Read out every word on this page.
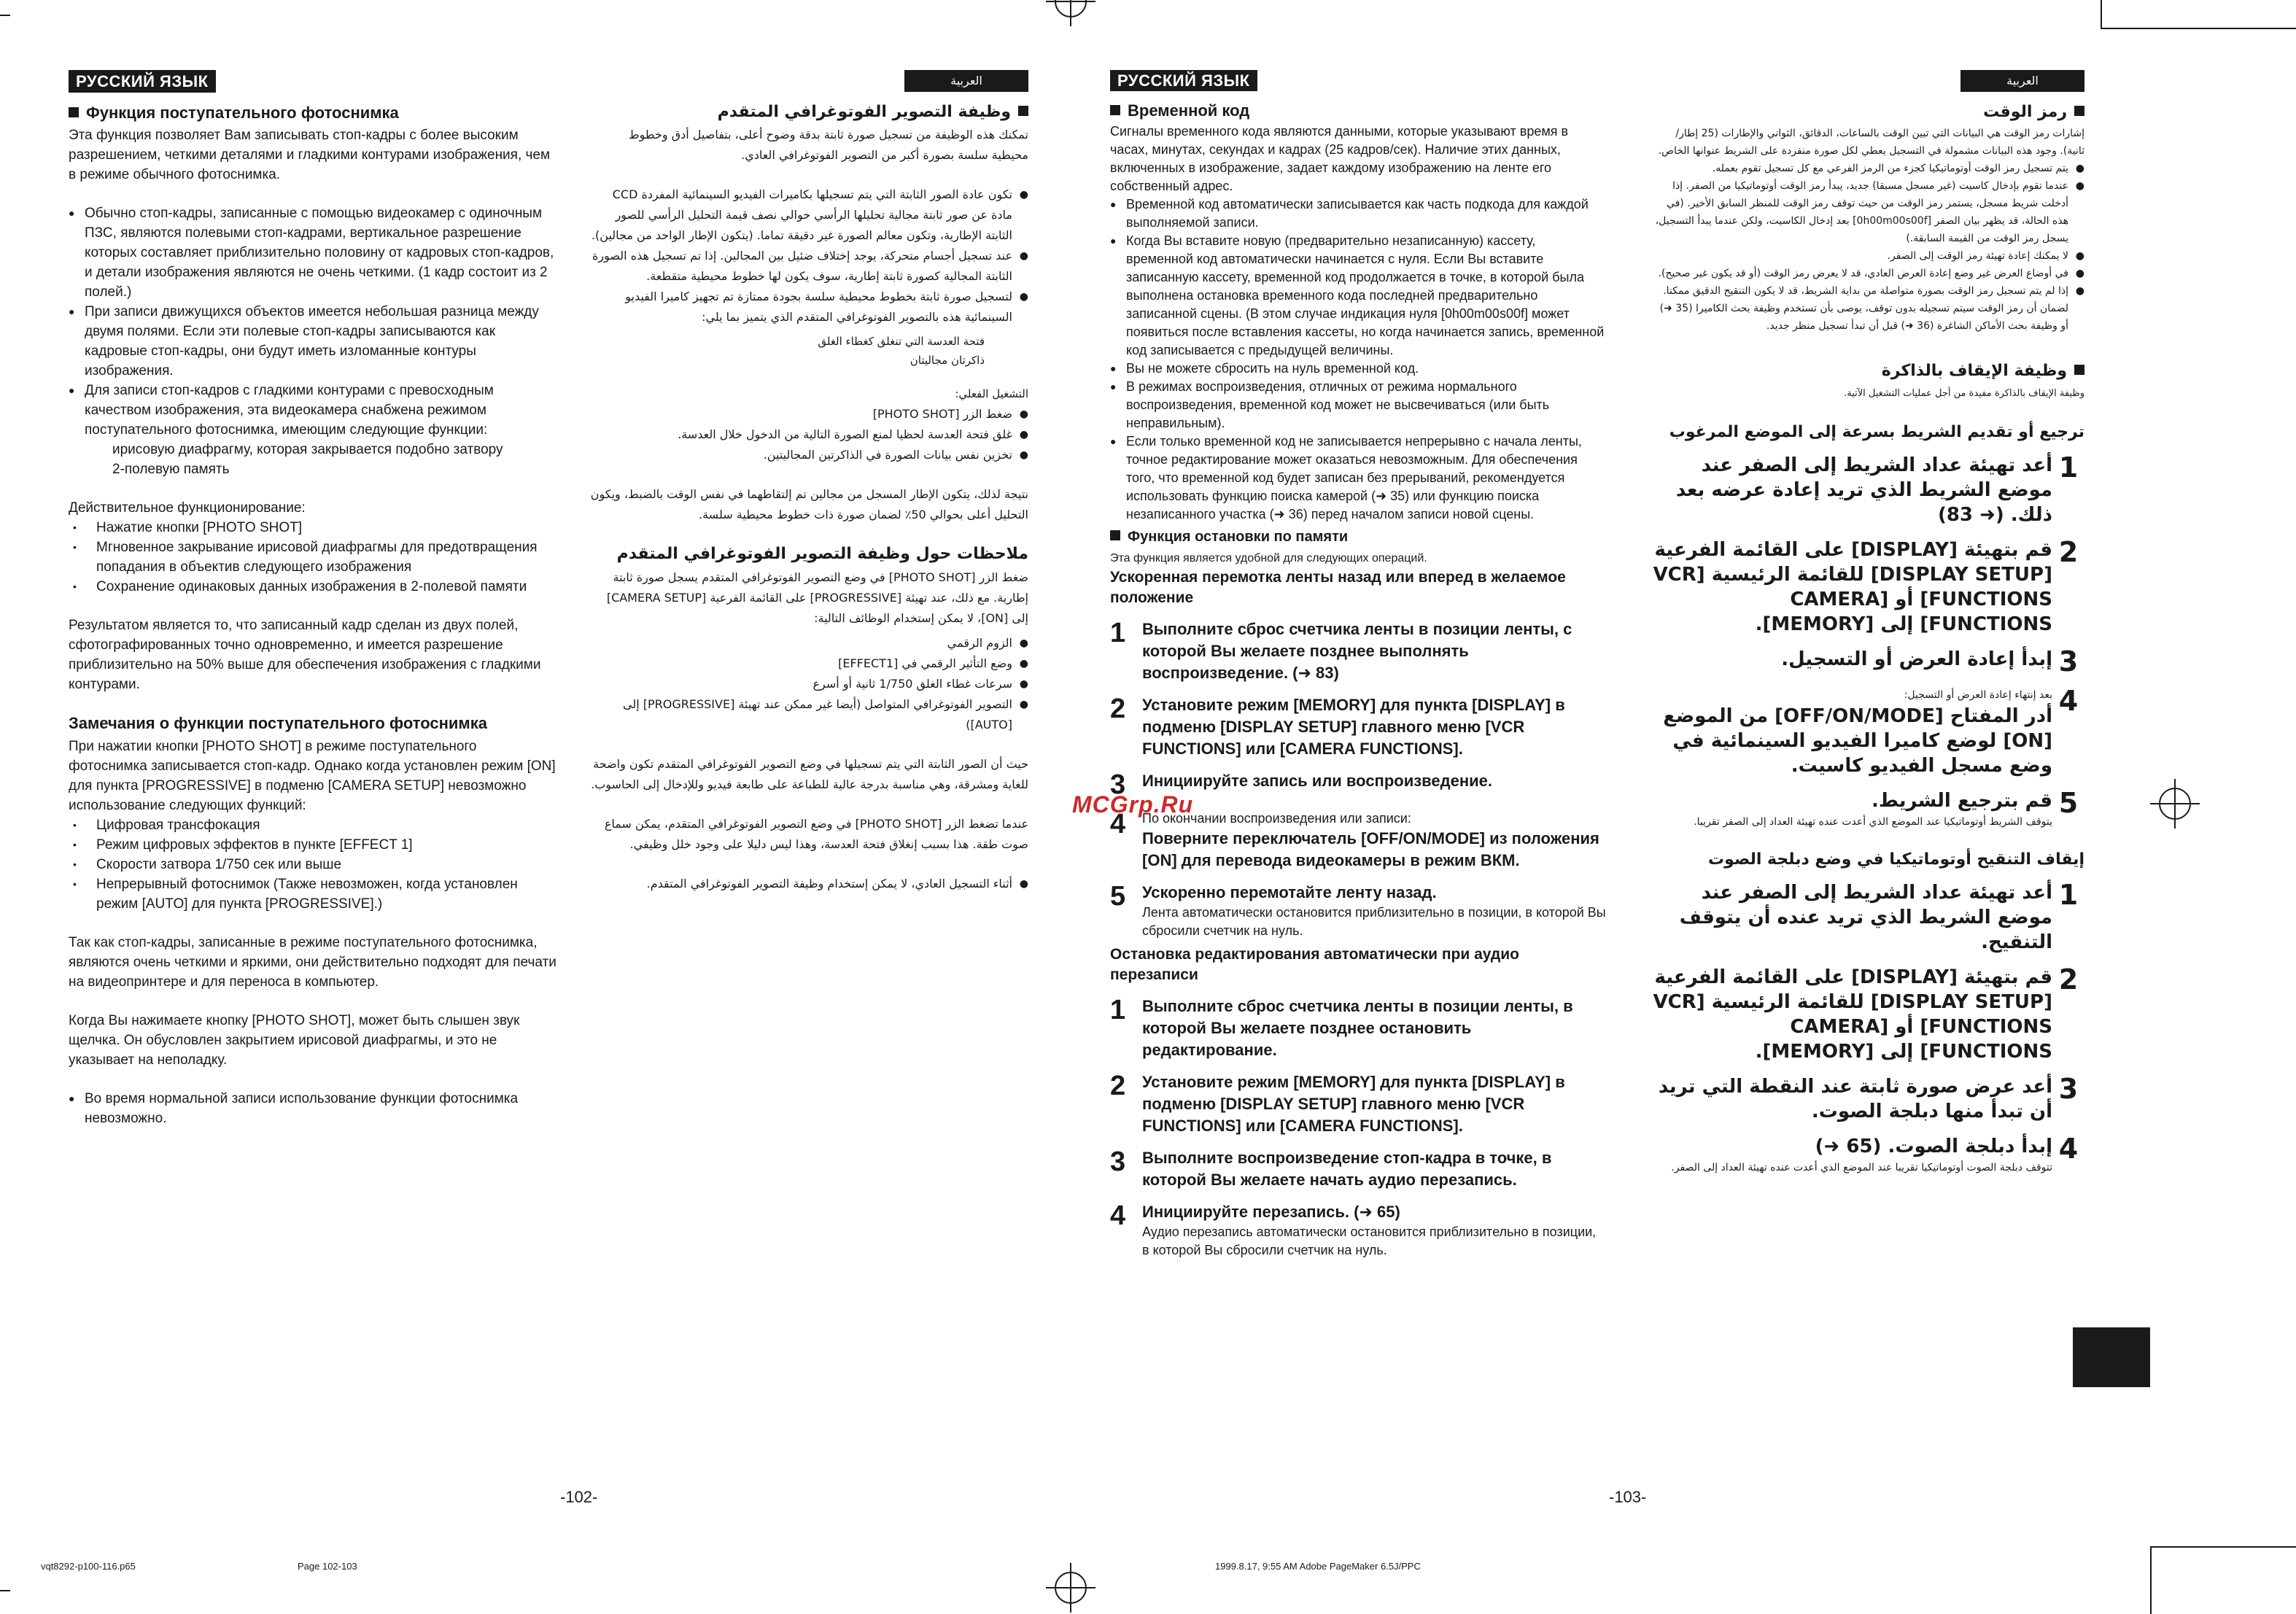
РУССКИЙ ЯЗЫК
Функция поступательного фотоснимка

Эта функция позволяет Вам записывать стоп-кадры с более высоким разрешением, четкими деталями и гладкими контурами изображения, чем в режиме обычного фотоснимка.

● Обычно стоп-кадры, записанные с помощью видеокамер с одиночным ПЗС, являются полевыми стоп-кадрами, вертикальное разрешение которых составляет приблизительно половину от кадровых стоп-кадров, и детали изображения являются не очень четкими. (1 кадр состоит из 2 полей.)
● При записи движущихся объектов имеется небольшая разница между двумя полями. Если эти полевые стоп-кадры записываются как кадровые стоп-кадры, они будут иметь изломанные контуры изображения.
● Для записи стоп-кадров с гладкими контурами с превосходным качеством изображения, эта видеокамера снабжена режимом поступательного фотоснимка, имеющим следующие функции:
ирисовую диафрагму, которая закрывается подобно затвору
2-полевую память
Действительное функционирование:
• Нажатие кнопки [PHOTO SHOT]
• Мгновенное закрывание ирисовой диафрагмы для предотвращения попадания в объектив следующего изображения
• Сохранение одинаковых данных изображения в 2-полевой памяти

Результатом является то, что записанный кадр сделан из двух полей, сфотографированных точно одновременно, и имеется разрешение приблизительно на 50% выше для обеспечения изображения с гладкими контурами.

Замечания о функции поступательного фотоснимка
При нажатии кнопки [PHOTO SHOT] в режиме поступательного фотоснимка записывается стоп-кадр. Однако когда установлен режим [ON] для пункта [PROGRESSIVE] в подменю [CAMERA SETUP] невозможно использование следующих функций:
• Цифровая трансфокация
• Режим цифровых эффектов в пункте [EFFECT 1]
• Скорости затвора 1/750 сек или выше
• Непрерывный фотоснимок (Также невозможен, когда установлен режим [AUTO] для пункта [PROGRESSIVE].)

Так как стоп-кадры, записанные в режиме поступательного фотоснимка, являются очень четкими и яркими, они действительно подходят для печати на видеопринтере и для переноса в компьютер.

Когда Вы нажимаете кнопку [PHOTO SHOT], может быть слышен звук щелчка. Он обусловлен закрытием ирисовой диафрагмы, и это не указывает на неполадку.

● Во время нормальной записи использование функции фотоснимка невозможно.
العربية
وظيفة التصوير الفوتوغرافي المتقدم

تمكنك هذه الوظيفة من تسجيل صورة ثابتة بدقة وضوح أعلى، بتفاصيل أدق وخطوط محيطية سلسة بصورة أكبر من التصوير الفوتوغرافي العادي.

● تكون عادة الصور الثابتة التي يتم تسجيلها بكاميرات الفيديو السينمائية المفردة CCD مادة عن صور ثابتة مجالية تحليلها الرأسي حوالي نصف قيمة التحليل الرأسي للصور الثابتة الإطارية، وتكون معالم الصورة غير دقيقة تماما. (يتكون الإطار الواحد من مجالين).
● عند تسجيل أجسام متحركة، يوجد إختلاف ضئيل بين المجالين. إذا تم تسجيل هذه الصورة الثابتة المجالية كصورة ثابتة إطارية، سوف يكون لها خطوط محيطية متقطعة.
● لتسجيل صورة ثابتة بخطوط محيطية سلسة بجودة ممتازة تم تجهيز كاميرا الفيديو السينمائية هذه بالتصوير الفوتوغرافي المتقدم الذي يتميز بما يلي:
فتحة العدسة التي تنغلق كغطاء الغلق
ذاكرتان مجاليتان
التشغيل الفعلي:
● ضغط الزر [PHOTO SHOT]
● غلق فتحة العدسة لحظيا لمنع الصورة التالية من الدخول خلال العدسة.
● تخزين نفس بيانات الصورة في الذاكرتين المجاليتين.

نتيجة لذلك، يتكون الإطار المسجل من مجالين تم إلتقاطهما في نفس الوقت بالضبط، ويكون التحليل أعلى بحوالي 50٪ لضمان صورة ذات خطوط محيطية سلسة.

ملاحظات حول وظيفة التصوير الفوتوغرافي المتقدم

ضغط الزر [PHOTO SHOT] في وضع التصوير الفوتوغرافي المتقدم يسجل صورة ثابتة إطارية. مع ذلك، عند تهيئة [PROGRESSIVE] على القائمة الفرعية [CAMERA SETUP] إلى [ON]، لا يمكن إستخدام الوظائف التالية:

● الزوم الرقمي
● وضع التأثير الرقمي في [EFFECT1]
● سرعات غطاء الغلق 1/750 ثانية أو أسرع
● التصوير الفوتوغرافي المتواصل (أيضا غير ممكن عند تهيئة [PROGRESSIVE] إلى [AUTO])

حيث أن الصور الثابتة التي يتم تسجيلها في وضع التصوير الفوتوغرافي المتقدم تكون واضحة للغاية ومشرقة، وهي مناسبة بدرجة عالية للطباعة على طابعة فيديو وللإدخال إلى الحاسوب.

عندما تضغط الزر [PHOTO SHOT] في وضع التصوير الفوتوغرافي المتقدم، يمكن سماع صوت طقة. هذا بسبب إنغلاق فتحة العدسة، وهذا ليس دليلا على وجود خلل وظيفي.

● أثناء التسجيل العادي، لا يمكن إستخدام وظيفة التصوير الفوتوغرافي المتقدم.
РУССКИЙ ЯЗЫК
Временной код
Сигналы временного кода являются данными, которые указывают время в часах, минутах, секундах и кадрах (25 кадров/сек). Наличие этих данных, включенных в изображение, задает каждому изображению на ленте его собственный адрес.
● Временной код автоматически записывается как часть подкода для каждой выполняемой записи.
● Когда Вы вставите новую (предварительно незаписанную) кассету, временной код автоматически начинается с нуля. Если Вы вставите записанную кассету, временной код продолжается в точке, в которой была выполнена остановка временного кода последней предварительно записанной сцены. (В этом случае индикация нуля [0h00m00s00f] может появиться после вставления кассеты, но когда начинается запись, временной код записывается с предыдущей величины.
● Вы не можете сбросить на нуль временной код.
● В режимах воспроизведения, отличных от режима нормального воспроизведения, временной код может не высвечиваться (или быть неправильным).
● Если только временной код не записывается непрерывно с начала ленты, точное редактирование может оказаться невозможным. Для обеспечения того, что временной код будет записан без прерываний, рекомендуется использовать функцию поиска камерой (➜ 35) или функцию поиска незаписанного участка (➜ 36) перед началом записи новой сцены.
Функция остановки по памяти
Эта функция является удобной для следующих операций.
Ускоренная перемотка ленты назад или вперед в желаемое положение
1	Выполните сброс счетчика ленты в позиции ленты, с которой Вы желаете позднее выполнять воспроизведение. (➜ 83)
2	Установите режим [MEMORY] для пункта [DISPLAY] в подменю [DISPLAY SETUP] главного меню [VCR FUNCTIONS] или [CAMERA FUNCTIONS].
3	Инициируйте запись или воспроизведение.
4	По окончании воспроизведения или записи:
Поверните переключатель [OFF/ON/MODE] из положения [ON] для перевода видеокамеры в режим ВКМ.
5	Ускоренно перемотайте ленту назад.
Лента автоматически остановится приблизительно в позиции, в которой Вы сбросили счетчик на нуль.
Остановка редактирования автоматически при аудио перезаписи
1	Выполните сброс счетчика ленты в позиции ленты, в которой Вы желаете позднее остановить редактирование.
2	Установите режим [MEMORY] для пункта [DISPLAY] в подменю [DISPLAY SETUP] главного меню [VCR FUNCTIONS] или [CAMERA FUNCTIONS].
3	Выполните воспроизведение стоп-кадра в точке, в которой Вы желаете начать аудио перезапись.
4	Инициируйте перезапись. (➜ 65)
Аудио перезапись автоматически остановится приблизительно в позиции, в которой Вы сбросили счетчик на нуль.
العربية
رمز الوقت

إشارات رمز الوقت هي البيانات التي تبين الوقت بالساعات، الدقائق، الثواني والإطارات (25 إطار/ثانية). وجود هذه البيانات مشمولة في التسجيل يعطي لكل صورة منفردة على الشريط عنوانها الخاص.

● يتم تسجيل رمز الوقت أوتوماتيكيا كجزء من الرمز الفرعي مع كل تسجيل تقوم بعمله.
● عندما تقوم بإدخال كاسيت (غير مسجل مسبقا) جديد، يبدأ رمز الوقت أوتوماتيكيا من الصفر. إذا أدخلت شريط مسجل، يستمر رمز الوقت من حيث توقف رمز الوقت للمنظر السابق الأخير. (في هذه الحالة، قد يظهر بيان الصفر [0h00m00s00f] بعد إدخال الكاسيت، ولكن عندما يبدأ التسجيل، يسجل رمز الوقت من القيمة السابقة.)
● لا يمكنك إعادة تهيئة رمز الوقت إلى الصفر.
● في أوضاع العرض غير وضع إعادة العرض العادي، قد لا يعرض رمز الوقت (أو قد يكون غير صحيح).
● إذا لم يتم تسجيل رمز الوقت بصورة متواصلة من بداية الشريط، قد لا يكون التنقيح الدقيق ممكنا. لضمان أن رمز الوقت سيتم تسجيله بدون توقف، يوصى بأن تستخدم وظيفة بحث الكاميرا (35 ➜) أو وظيفة بحث الأماكن الشاغرة (36 ➜) قبل أن تبدأ تسجيل منظر جديد.
وظيفة الإيقاف بالذاكرة
وظيفة الإيقاف بالذاكرة مفيدة من أجل عمليات التشغيل الآتية.
ترجيع أو تقديم الشريط بسرعة إلى الموضع المرغوب
1
أعد تهيئة عداد الشريط إلى الصفر عند موضع الشريط الذي تريد إعادة عرضه بعد ذلك. (➜ 83)
2
قم بتهيئة [DISPLAY] على القائمة الفرعية [DISPLAY SETUP] للقائمة الرئيسية [VCR FUNCTIONS] أو [CAMERA FUNCTIONS] إلى [MEMORY].
3
إبدأ إعادة العرض أو التسجيل.
4
بعد إنتهاء إعادة العرض أو التسجيل:
أدر المفتاح [OFF/ON/MODE] من الموضع [ON] لوضع كاميرا الفيديو السينمائية في وضع مسجل الفيديو كاسيت.
5
قم بترجيع الشريط.
يتوقف الشريط أوتوماتيكيا عند الموضع الذي أعدت عنده تهيئة العداد إلى الصفر تقريبا.
إيقاف التنقيح أوتوماتيكيا في وضع دبلجة الصوت
1
أعد تهيئة عداد الشريط إلى الصفر عند موضع الشريط الذي تريد عنده أن يتوقف التنقيح.
2
قم بتهيئة [DISPLAY] على القائمة الفرعية [DISPLAY SETUP] للقائمة الرئيسية [VCR FUNCTIONS] أو [CAMERA FUNCTIONS] إلى [MEMORY].
3
أعد عرض صورة ثابتة عند النقطة التي تريد أن تبدأ منها دبلجة الصوت.
4
إبدأ دبلجة الصوت. (65 ➜)
تتوقف دبلجة الصوت أوتوماتيكيا تقريبا عند الموضع الذي أعدت عنده تهيئة العداد إلى الصفر.
MCGrp.Ru
-102-	-103-
vqt8292-p100-116.p65	Page 102-103	1999.8.17, 9:55 AM Adobe PageMaker 6.5J/PPC
